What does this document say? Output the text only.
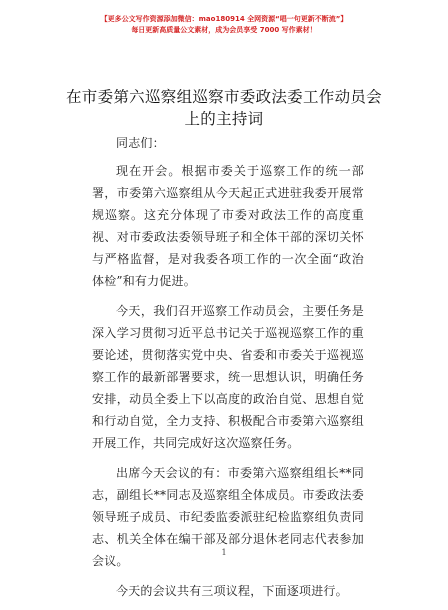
【更多公文写作资源添加微信：mao180914 全网资源“唱一句更新不断流”】
每日更新高质量公文素材，成为会员享受 7000 写作素材！
在市委第六巡察组巡察市委政法委工作动员会
上的主持词

同志们：

现在开会。根据市委关于巡察工作的统一部署，市委第六巡察组从今天起正式进驻我委开展常规巡察。这充分体现了市委对政法工作的高度重视、对市委政法委领导班子和全体干部的深切关怀与严格监督，是对我委各项工作的一次全面“政治体检”和有力促进。

今天，我们召开巡察工作动员会，主要任务是深入学习贯彻习近平总书记关于巡视巡察工作的重要论述，贯彻落实党中央、省委和市委关于巡视巡察工作的最新部署要求，统一思想认识，明确任务安排，动员全委上下以高度的政治自觉、思想自觉和行动自觉，全力支持、积极配合市委第六巡察组开展工作，共同完成好这次巡察任务。

出席今天会议的有：市委第六巡察组组长**同志，副组长**同志及巡察组全体成员。市委政法委领导班子成员、市纪委监委派驻纪检监察组负责同志、机关全体在编干部及部分退休老同志代表参加会议。

今天的会议共有三项议程，下面逐项进行。

1
